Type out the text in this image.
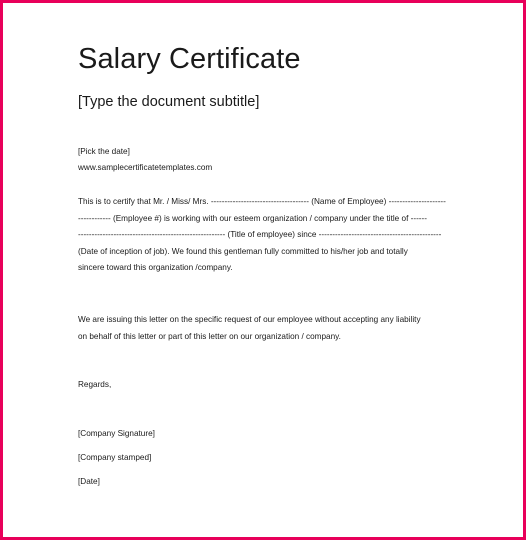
Salary Certificate
[Type the document subtitle]
[Pick the date]
www.samplecertificatetemplates.com
This is to certify that Mr. / Miss/ Mrs. ------------------------------------ (Name of Employee) ---------------------
------------ (Employee #) is working with our esteem organization / company under the title of ------
------------------------------------------------------ (Title of employee) since ---------------------------------------------
(Date of inception of job). We found this gentleman fully committed to his/her job and totally
sincere toward this organization /company.
We are issuing this letter on the specific request of our employee without accepting any liability
on behalf of this letter or part of this letter on our organization / company.
Regards,
[Company Signature]
[Company stamped]
[Date]
